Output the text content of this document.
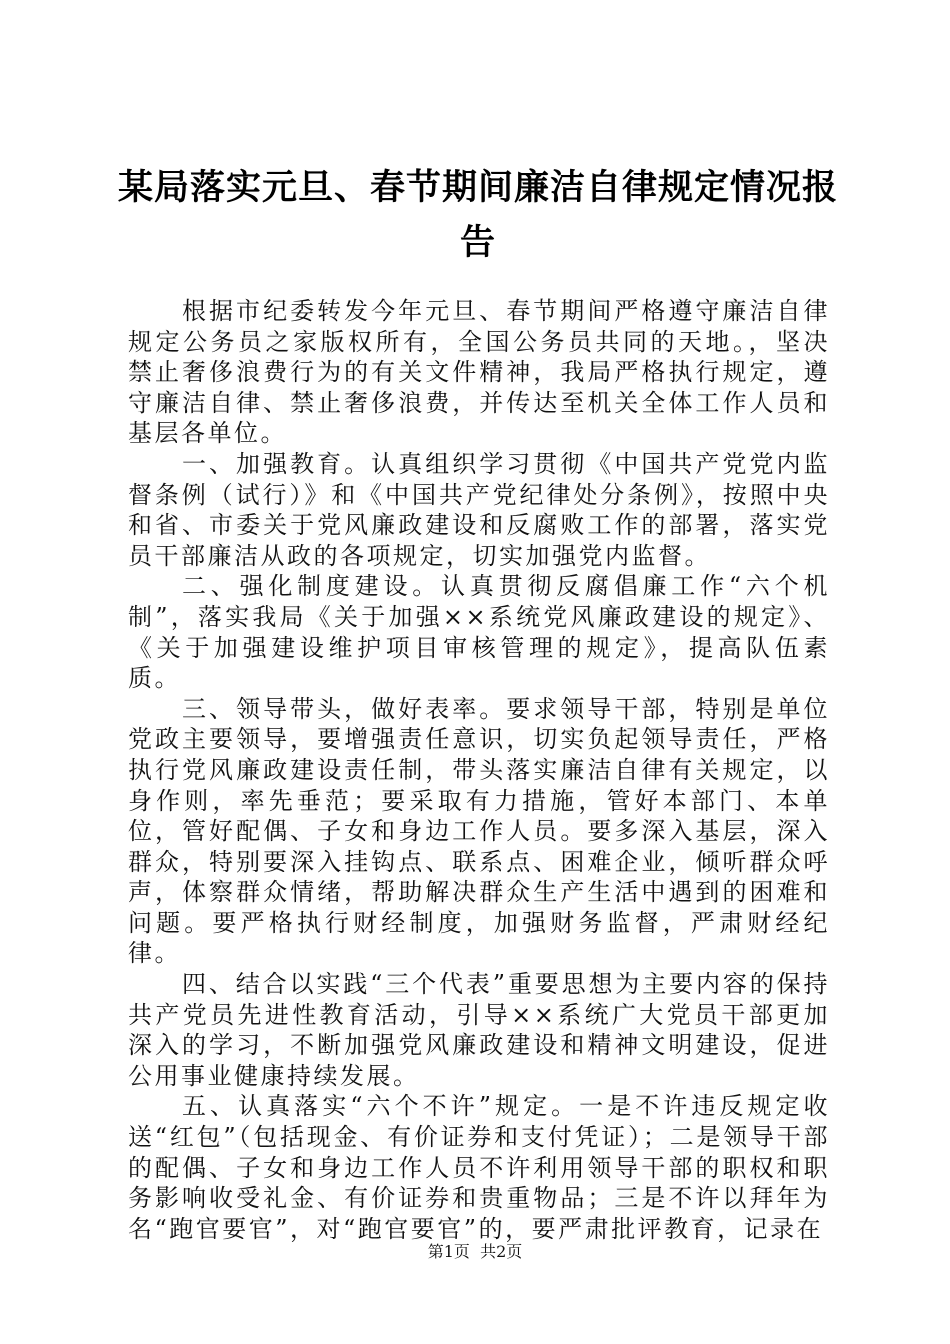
某局落实元旦、春节期间廉洁自律规定情况报告

根据市纪委转发今年元旦、春节期间严格遵守廉洁自律规定公务员之家版权所有，全国公务员共同的天地。，坚决禁止奢侈浪费行为的有关文件精神，我局严格执行规定，遵守廉洁自律、禁止奢侈浪费，并传达至机关全体工作人员和基层各单位。

一、加强教育。认真组织学习贯彻《中国共产党党内监督条例（试行）》和《中国共产党纪律处分条例》，按照中央和省、市委关于党风廉政建设和反腐败工作的部署，落实党员干部廉洁从政的各项规定，切实加强党内监督。

二、强化制度建设。认真贯彻反腐倡廉工作“六个机制”，落实我局《关于加强××系统党风廉政建设的规定》、《关于加强建设维护项目审核管理的规定》，提高队伍素质。

三、领导带头，做好表率。要求领导干部，特别是单位党政主要领导，要增强责任意识，切实负起领导责任，严格执行党风廉政建设责任制，带头落实廉洁自律有关规定，以身作则，率先垂范；要采取有力措施，管好本部门、本单位，管好配偶、子女和身边工作人员。要多深入基层，深入群众，特别要深入挂钩点、联系点、困难企业，倾听群众呼声，体察群众情绪，帮助解决群众生产生活中遇到的困难和问题。要严格执行财经制度，加强财务监督，严肃财经纪律。

四、结合以实践“三个代表”重要思想为主要内容的保持共产党员先进性教育活动，引导××系统广大党员干部更加深入的学习，不断加强党风廉政建设和精神文明建设，促进公用事业健康持续发展。

五、认真落实“六个不许”规定。一是不许违反规定收送“红包”（包括现金、有价证券和支付凭证）；二是领导干部的配偶、子女和身边工作人员不许利用领导干部的职权和职务影响收受礼金、有价证券和贵重物品；三是不许以拜年为名“跑官要官”，对“跑官要官”的，要严肃批评教育，记录在

第1页  共2页
